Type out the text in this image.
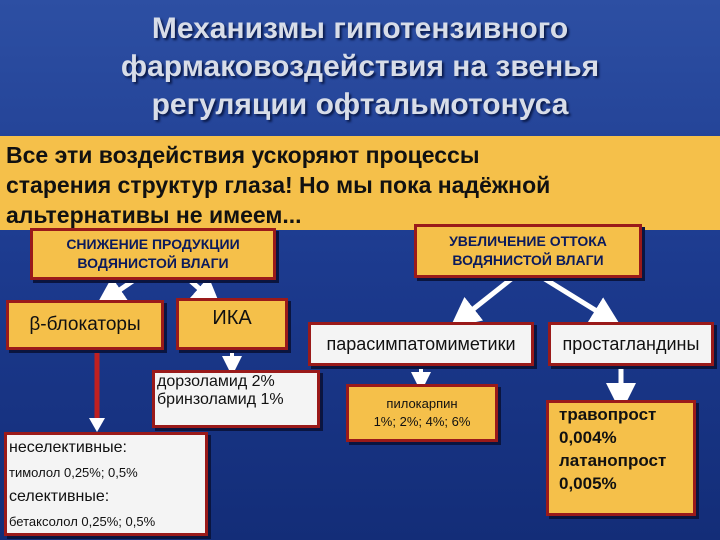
Механизмы гипотензивного
фармаковоздействия на звенья
регуляции офтальмотонуса
Все эти воздействия ускоряют процессы
старения структур глаза! Но мы пока надёжной
альтернативы не имеем...
СНИЖЕНИЕ ПРОДУКЦИИ
ВОДЯНИСТОЙ ВЛАГИ
УВЕЛИЧЕНИЕ ОТТОКА
ВОДЯНИСТОЙ ВЛАГИ
β-блокаторы	ИКА
парасимпатомиметики	простагландины
дорзоламид 2%
бринзоламид 1%	пилокарпин
1%; 2%; 4%; 6%	травопрост
0,004%
латанопрост
0,005%
неселективные:
тимолол 0,25%; 0,5%
селективные:
бетаксолол 0,25%; 0,5%
